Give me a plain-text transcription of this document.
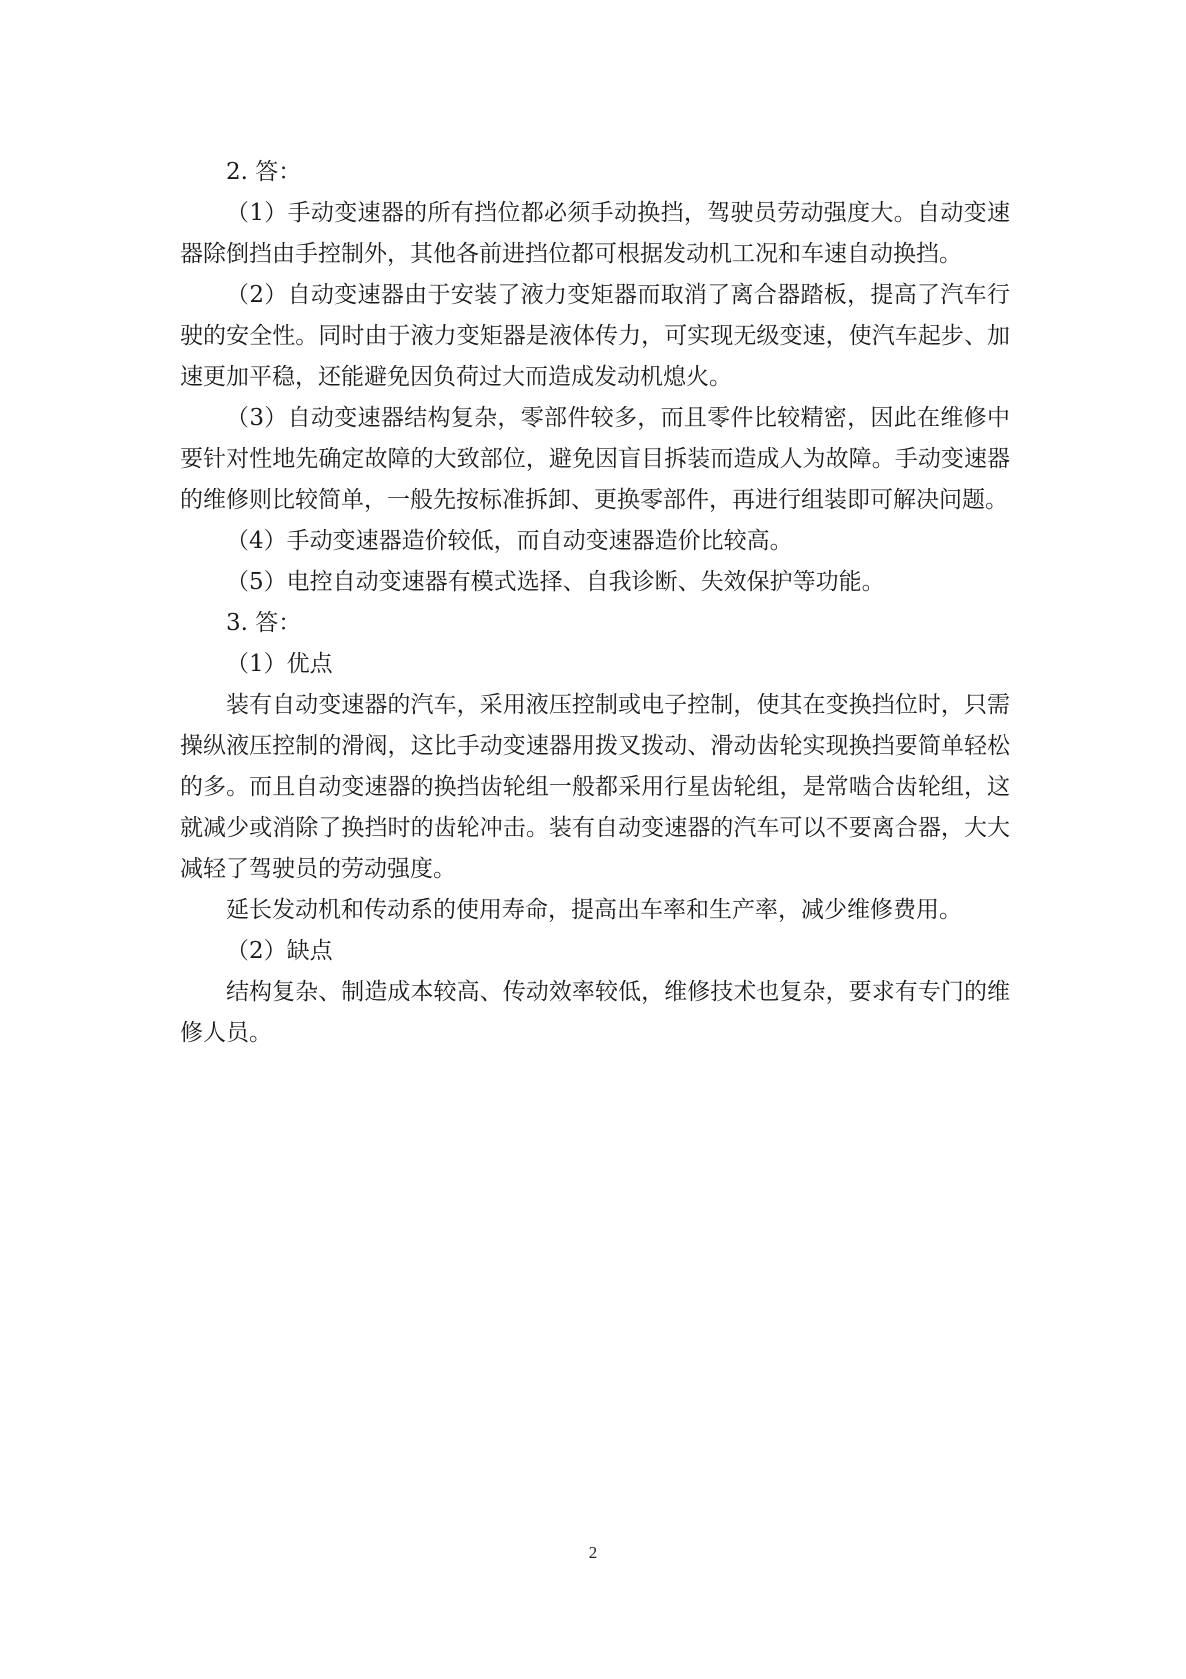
2. 答：

（1）手动变速器的所有挡位都必须手动换挡，驾驶员劳动强度大。自动变速器除倒挡由手控制外，其他各前进挡位都可根据发动机工况和车速自动换挡。

（2）自动变速器由于安装了液力变矩器而取消了离合器踏板，提高了汽车行驶的安全性。同时由于液力变矩器是液体传力，可实现无级变速，使汽车起步、加速更加平稳，还能避免因负荷过大而造成发动机熄火。

（3）自动变速器结构复杂，零部件较多，而且零件比较精密，因此在维修中要针对性地先确定故障的大致部位，避免因盲目拆装而造成人为故障。手动变速器的维修则比较简单，一般先按标准拆卸、更换零部件，再进行组装即可解决问题。

（4）手动变速器造价较低，而自动变速器造价比较高。

（5）电控自动变速器有模式选择、自我诊断、失效保护等功能。

3. 答：

（1）优点

装有自动变速器的汽车，采用液压控制或电子控制，使其在变换挡位时，只需操纵液压控制的滑阀，这比手动变速器用拨叉拨动、滑动齿轮实现换挡要简单轻松的多。而且自动变速器的换挡齿轮组一般都采用行星齿轮组，是常啮合齿轮组，这就减少或消除了换挡时的齿轮冲击。装有自动变速器的汽车可以不要离合器，大大减轻了驾驶员的劳动强度。

延长发动机和传动系的使用寿命，提高出车率和生产率，减少维修费用。

（2）缺点

结构复杂、制造成本较高、传动效率较低，维修技术也复杂，要求有专门的维修人员。

2
